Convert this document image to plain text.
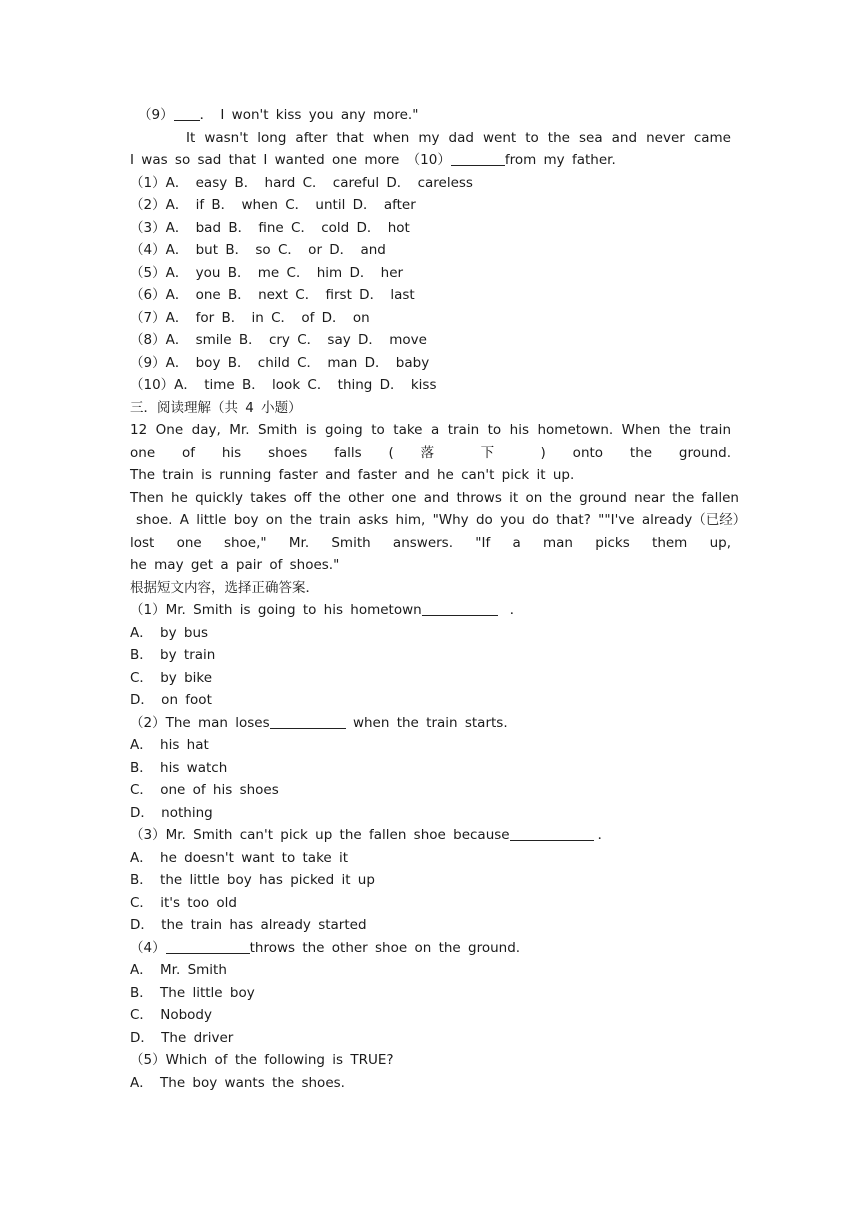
（9） ． I won't kiss you any more."
It wasn't long after that when my dad went to the sea and never came
I was so sad that I wanted one more （10）	from my father.
（1）A． easy B． hard C． careful D． careless
（2）A． if B． when C． until D． after
（3）A． bad B． fine C． cold D． hot
（4）A． but B． so C． or D． and
（5）A． you B． me C． him D． her
（6）A． one B． next C． first D． last
（7）A． for B． in C． of D． on
（8）A． smile B． cry C． say D． move
（9）A． boy B． child C． man D． baby
（10）A． time B． look C． thing D． kiss
三．阅读理解（共 4 小题）
12 One day, Mr. Smith is going to take a train to his hometown. When the train
one of his shoes falls ( 落 下 ) onto the ground.
The train is running faster and faster and he can't pick it up.
Then he quickly takes off the other one and throws it on the ground near the fallen
shoe. A little boy on the train asks him, "Why do you do that? ""I've already（已经）
lost one shoe," Mr. Smith answers. "If a man picks them up,
he may get a pair of shoes."
根据短文内容，选择正确答案．
（1）Mr. Smith is going to his hometown	．
A． by bus
B． by train
C． by bike
D． on foot
（2）The man loses	when the train starts.
A． his hat
B． his watch
C． one of his shoes
D． nothing
（3）Mr. Smith can't pick up the fallen shoe because	．
A． he doesn't want to take it
B． the little boy has picked it up
C． it's too old
D． the train has already started
（4）	throws the other shoe on the ground.
A． Mr. Smith
B． The little boy
C． Nobody
D． The driver
（5）Which of the following is TRUE?
A． The boy wants the shoes.
